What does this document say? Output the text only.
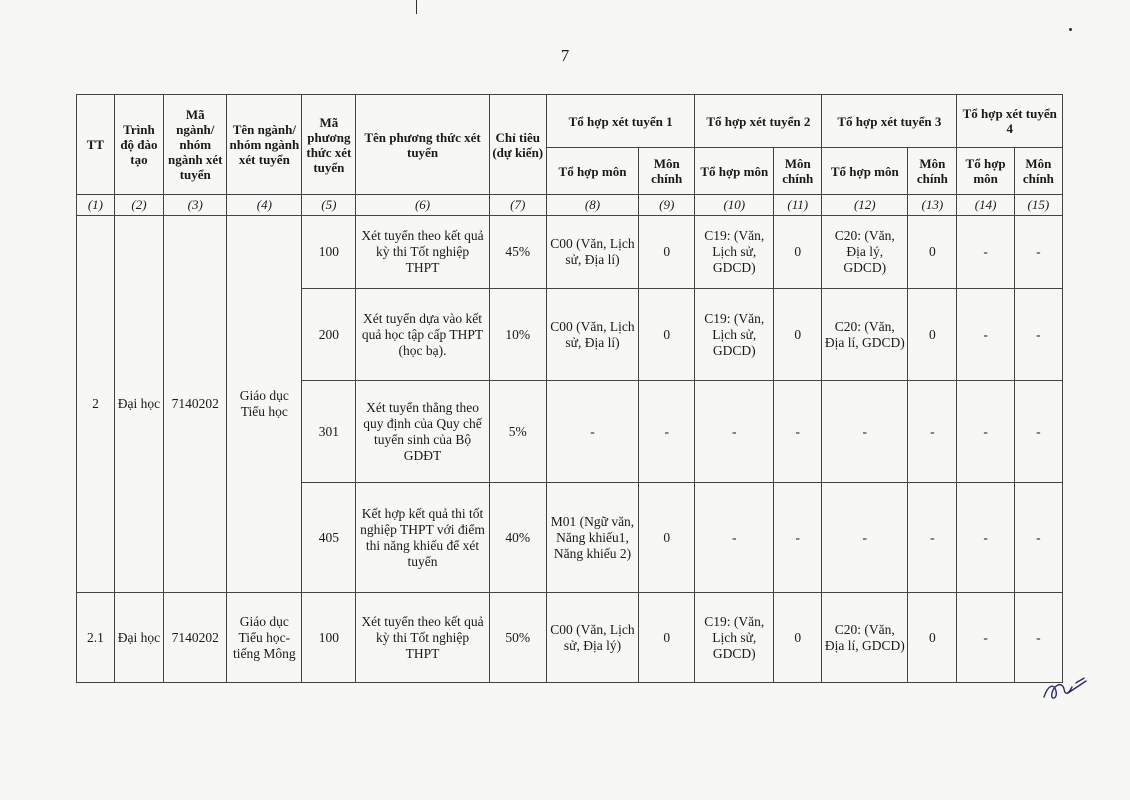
7
TT	Trình độ đào tạo	Mã ngành/ nhóm ngành xét tuyển	Tên ngành/ nhóm ngành xét tuyển	Mã phương thức xét tuyển	Tên phương thức xét tuyển	Chỉ tiêu (dự kiến)	Tổ hợp xét tuyển 1		Tổ hợp xét tuyển 2		Tổ hợp xét tuyển 3		Tổ hợp xét tuyển 4	
							Tổ hợp môn	Môn chính	Tổ hợp môn	Môn chính	Tổ hợp môn	Môn chính	Tổ hợp môn	Môn chính
(1)	(2)	(3)	(4)	(5)	(6)	(7)	(8)	(9)	(10)	(11)	(12)	(13)	(14)	(15)
2	Đại học	7140202	Giáo dục Tiểu học	100	Xét tuyển theo kết quả kỳ thi Tốt nghiệp THPT	45%	C00 (Văn, Lịch sử, Địa lí)	0	C19: (Văn, Lịch sử, GDCD)	0	C20: (Văn, Địa lý, GDCD)	0	-	-
				200	Xét tuyển dựa vào kết quả học tập cấp THPT (học bạ).	10%	C00 (Văn, Lịch sử, Địa lí)	0	C19: (Văn, Lịch sử, GDCD)	0	C20: (Văn, Địa lí, GDCD)	0	-	-
				301	Xét tuyển thẳng theo quy định của Quy chế tuyển sinh của Bộ GDĐT	5%	-	-	-	-	-	-	-	-
				405	Kết hợp kết quả thi tốt nghiệp THPT với điểm thi năng khiếu để xét tuyển	40%	M01 (Ngữ văn, Năng khiếu1, Năng khiếu 2)	0	-	-	-	-	-	-
2.1	Đại học	7140202	Giáo dục Tiểu học- tiếng Mông	100	Xét tuyển theo kết quả kỳ thi Tốt nghiệp THPT	50%	C00 (Văn, Lịch sử, Địa lý)	0	C19: (Văn, Lịch sử, GDCD)	0	C20: (Văn, Địa lí, GDCD)	0	-	-
